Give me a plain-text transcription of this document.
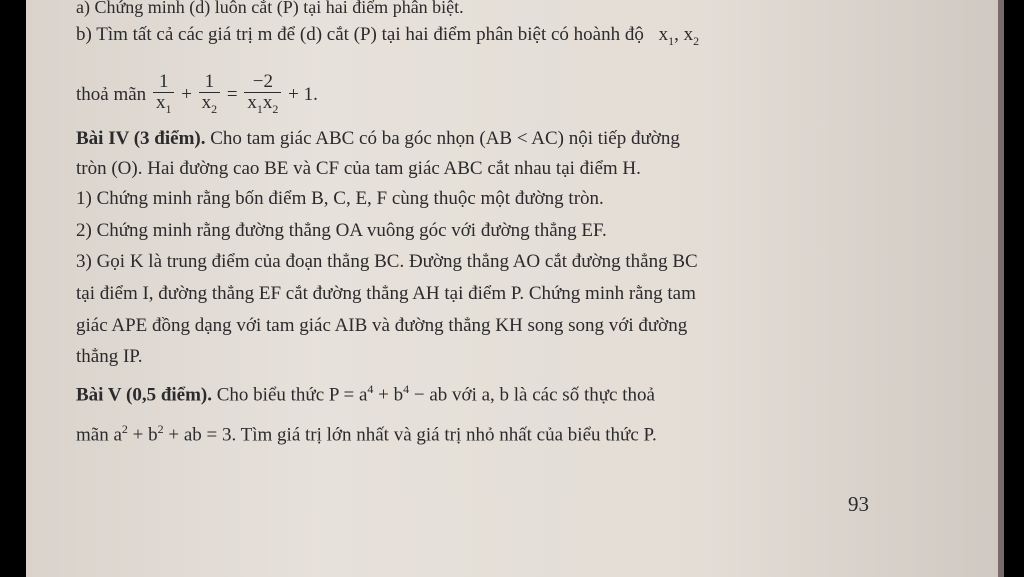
a) Chứng minh (d) luôn cắt (P) tại hai điểm phân biệt.
b) Tìm tất cả các giá trị m để (d) cắt (P) tại hai điểm phân biệt có hoành độ $x_1$, $x_2$
thoả mãn $\frac{1}{x_1} + \frac{1}{x_2} = \frac{-2}{x_1x_2} + 1$.
Bài IV (3 điểm). Cho tam giác ABC có ba góc nhọn (AB < AC) nội tiếp đường
tròn (O). Hai đường cao BE và CF của tam giác ABC cắt nhau tại điểm H.
1) Chứng minh rằng bốn điểm B, C, E, F cùng thuộc một đường tròn.
2) Chứng minh rằng đường thẳng OA vuông góc với đường thẳng EF.
3) Gọi K là trung điểm của đoạn thẳng BC. Đường thẳng AO cắt đường thẳng BC
tại điểm I, đường thẳng EF cắt đường thẳng AH tại điểm P. Chứng minh rằng tam
giác APE đồng dạng với tam giác AIB và đường thẳng KH song song với đường
thẳng IP.
Bài V (0,5 điểm). Cho biểu thức $P = a^4 + b^4$ − ab với a, b là các số thực thoả
mãn $a^2 + b^2$ + ab = 3. Tìm giá trị lớn nhất và giá trị nhỏ nhất của biểu thức P.
93
